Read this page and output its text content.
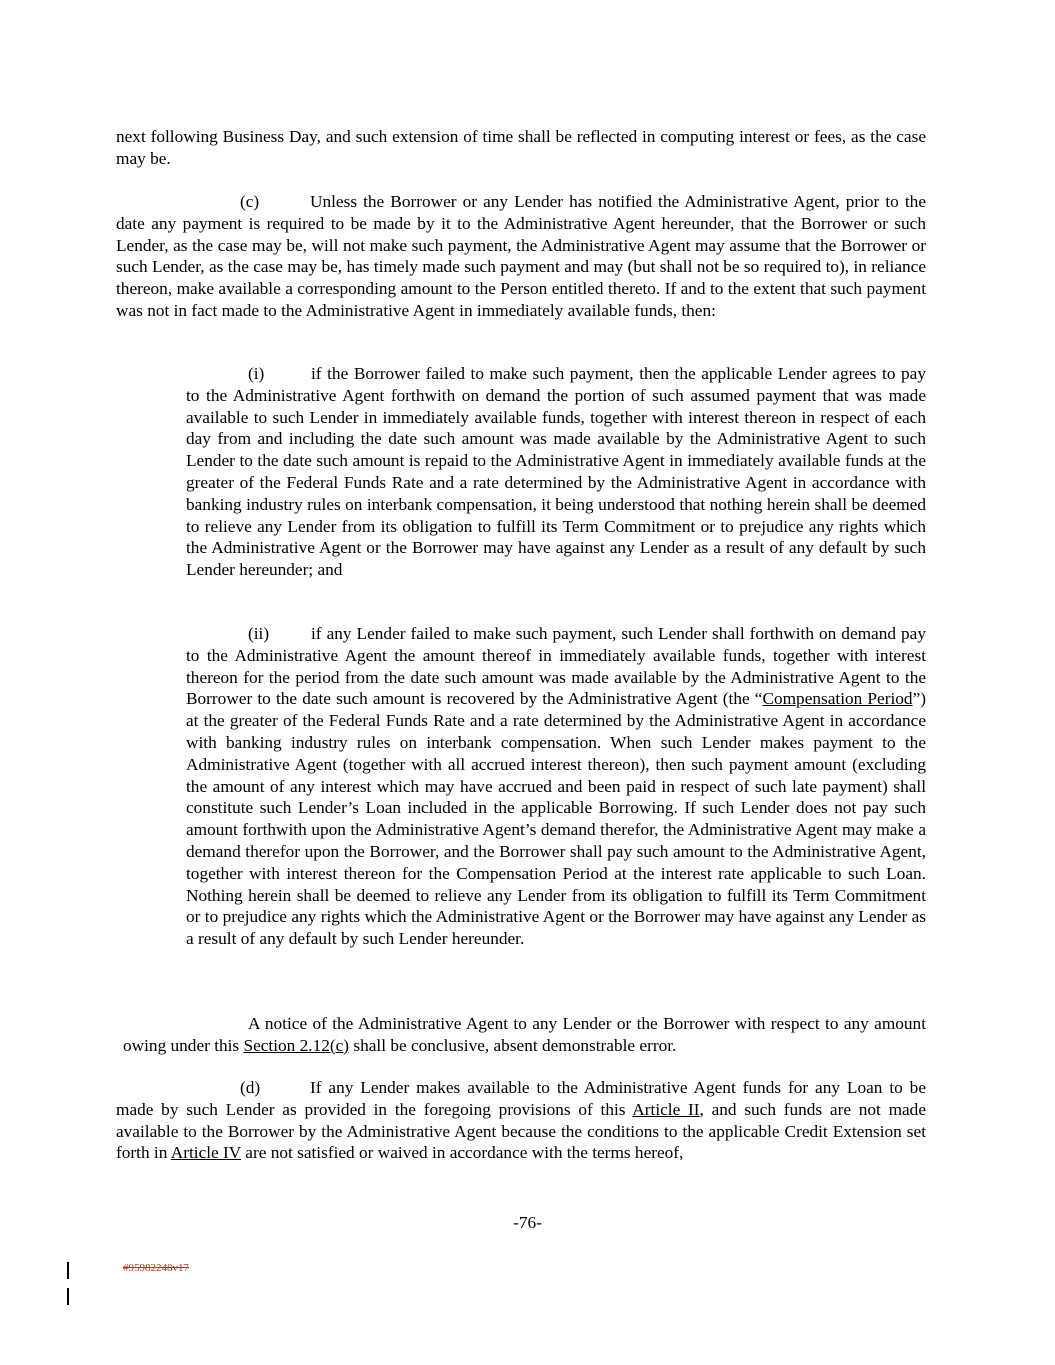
next following Business Day, and such extension of time shall be reflected in computing interest or fees, as the case may be.

(c)	Unless the Borrower or any Lender has notified the Administrative Agent, prior to the date any payment is required to be made by it to the Administrative Agent hereunder, that the Borrower or such Lender, as the case may be, will not make such payment, the Administrative Agent may assume that the Borrower or such Lender, as the case may be, has timely made such payment and may (but shall not be so required to), in reliance thereon, make available a corresponding amount to the Person entitled thereto. If and to the extent that such payment was not in fact made to the Administrative Agent in immediately available funds, then:

(i)	if the Borrower failed to make such payment, then the applicable Lender agrees to pay to the Administrative Agent forthwith on demand the portion of such assumed payment that was made available to such Lender in immediately available funds, together with interest thereon in respect of each day from and including the date such amount was made available by the Administrative Agent to such Lender to the date such amount is repaid to the Administrative Agent in immediately available funds at the greater of the Federal Funds Rate and a rate determined by the Administrative Agent in accordance with banking industry rules on interbank compensation, it being understood that nothing herein shall be deemed to relieve any Lender from its obligation to fulfill its Term Commitment or to prejudice any rights which the Administrative Agent or the Borrower may have against any Lender as a result of any default by such Lender hereunder; and

(ii) if any Lender failed to make such payment, such Lender shall forthwith on demand pay to the Administrative Agent the amount thereof in immediately available funds, together with interest thereon for the period from the date such amount was made available by the Administrative Agent to the Borrower to the date such amount is recovered by the Administrative Agent (the “Compensation Period”) at the greater of the Federal Funds Rate and a rate determined by the Administrative Agent in accordance with banking industry rules on interbank compensation. When such Lender makes payment to the Administrative Agent (together with all accrued interest thereon), then such payment amount (excluding the amount of any interest which may have accrued and been paid in respect of such late payment) shall constitute such Lender’s Loan included in the applicable Borrowing. If such Lender does not pay such amount forthwith upon the Administrative Agent’s demand therefor, the Administrative Agent may make a demand therefor upon the Borrower, and the Borrower shall pay such amount to the Administrative Agent, together with interest thereon for the Compensation Period at the interest rate applicable to such Loan. Nothing herein shall be deemed to relieve any Lender from its obligation to fulfill its Term Commitment or to prejudice any rights which the Administrative Agent or the Borrower may have against any Lender as a result of any default by such Lender hereunder.

A notice of the Administrative Agent to any Lender or the Borrower with respect to any amount owing under this Section 2.12(c) shall be conclusive, absent demonstrable error.

(d)	If any Lender makes available to the Administrative Agent funds for any Loan to be made by such Lender as provided in the foregoing provisions of this Article II, and such funds are not made available to the Borrower by the Administrative Agent because the conditions to the applicable Credit Extension set forth in Article IV are not satisfied or waived in accordance with the terms hereof,

-76-
#95982248v17
